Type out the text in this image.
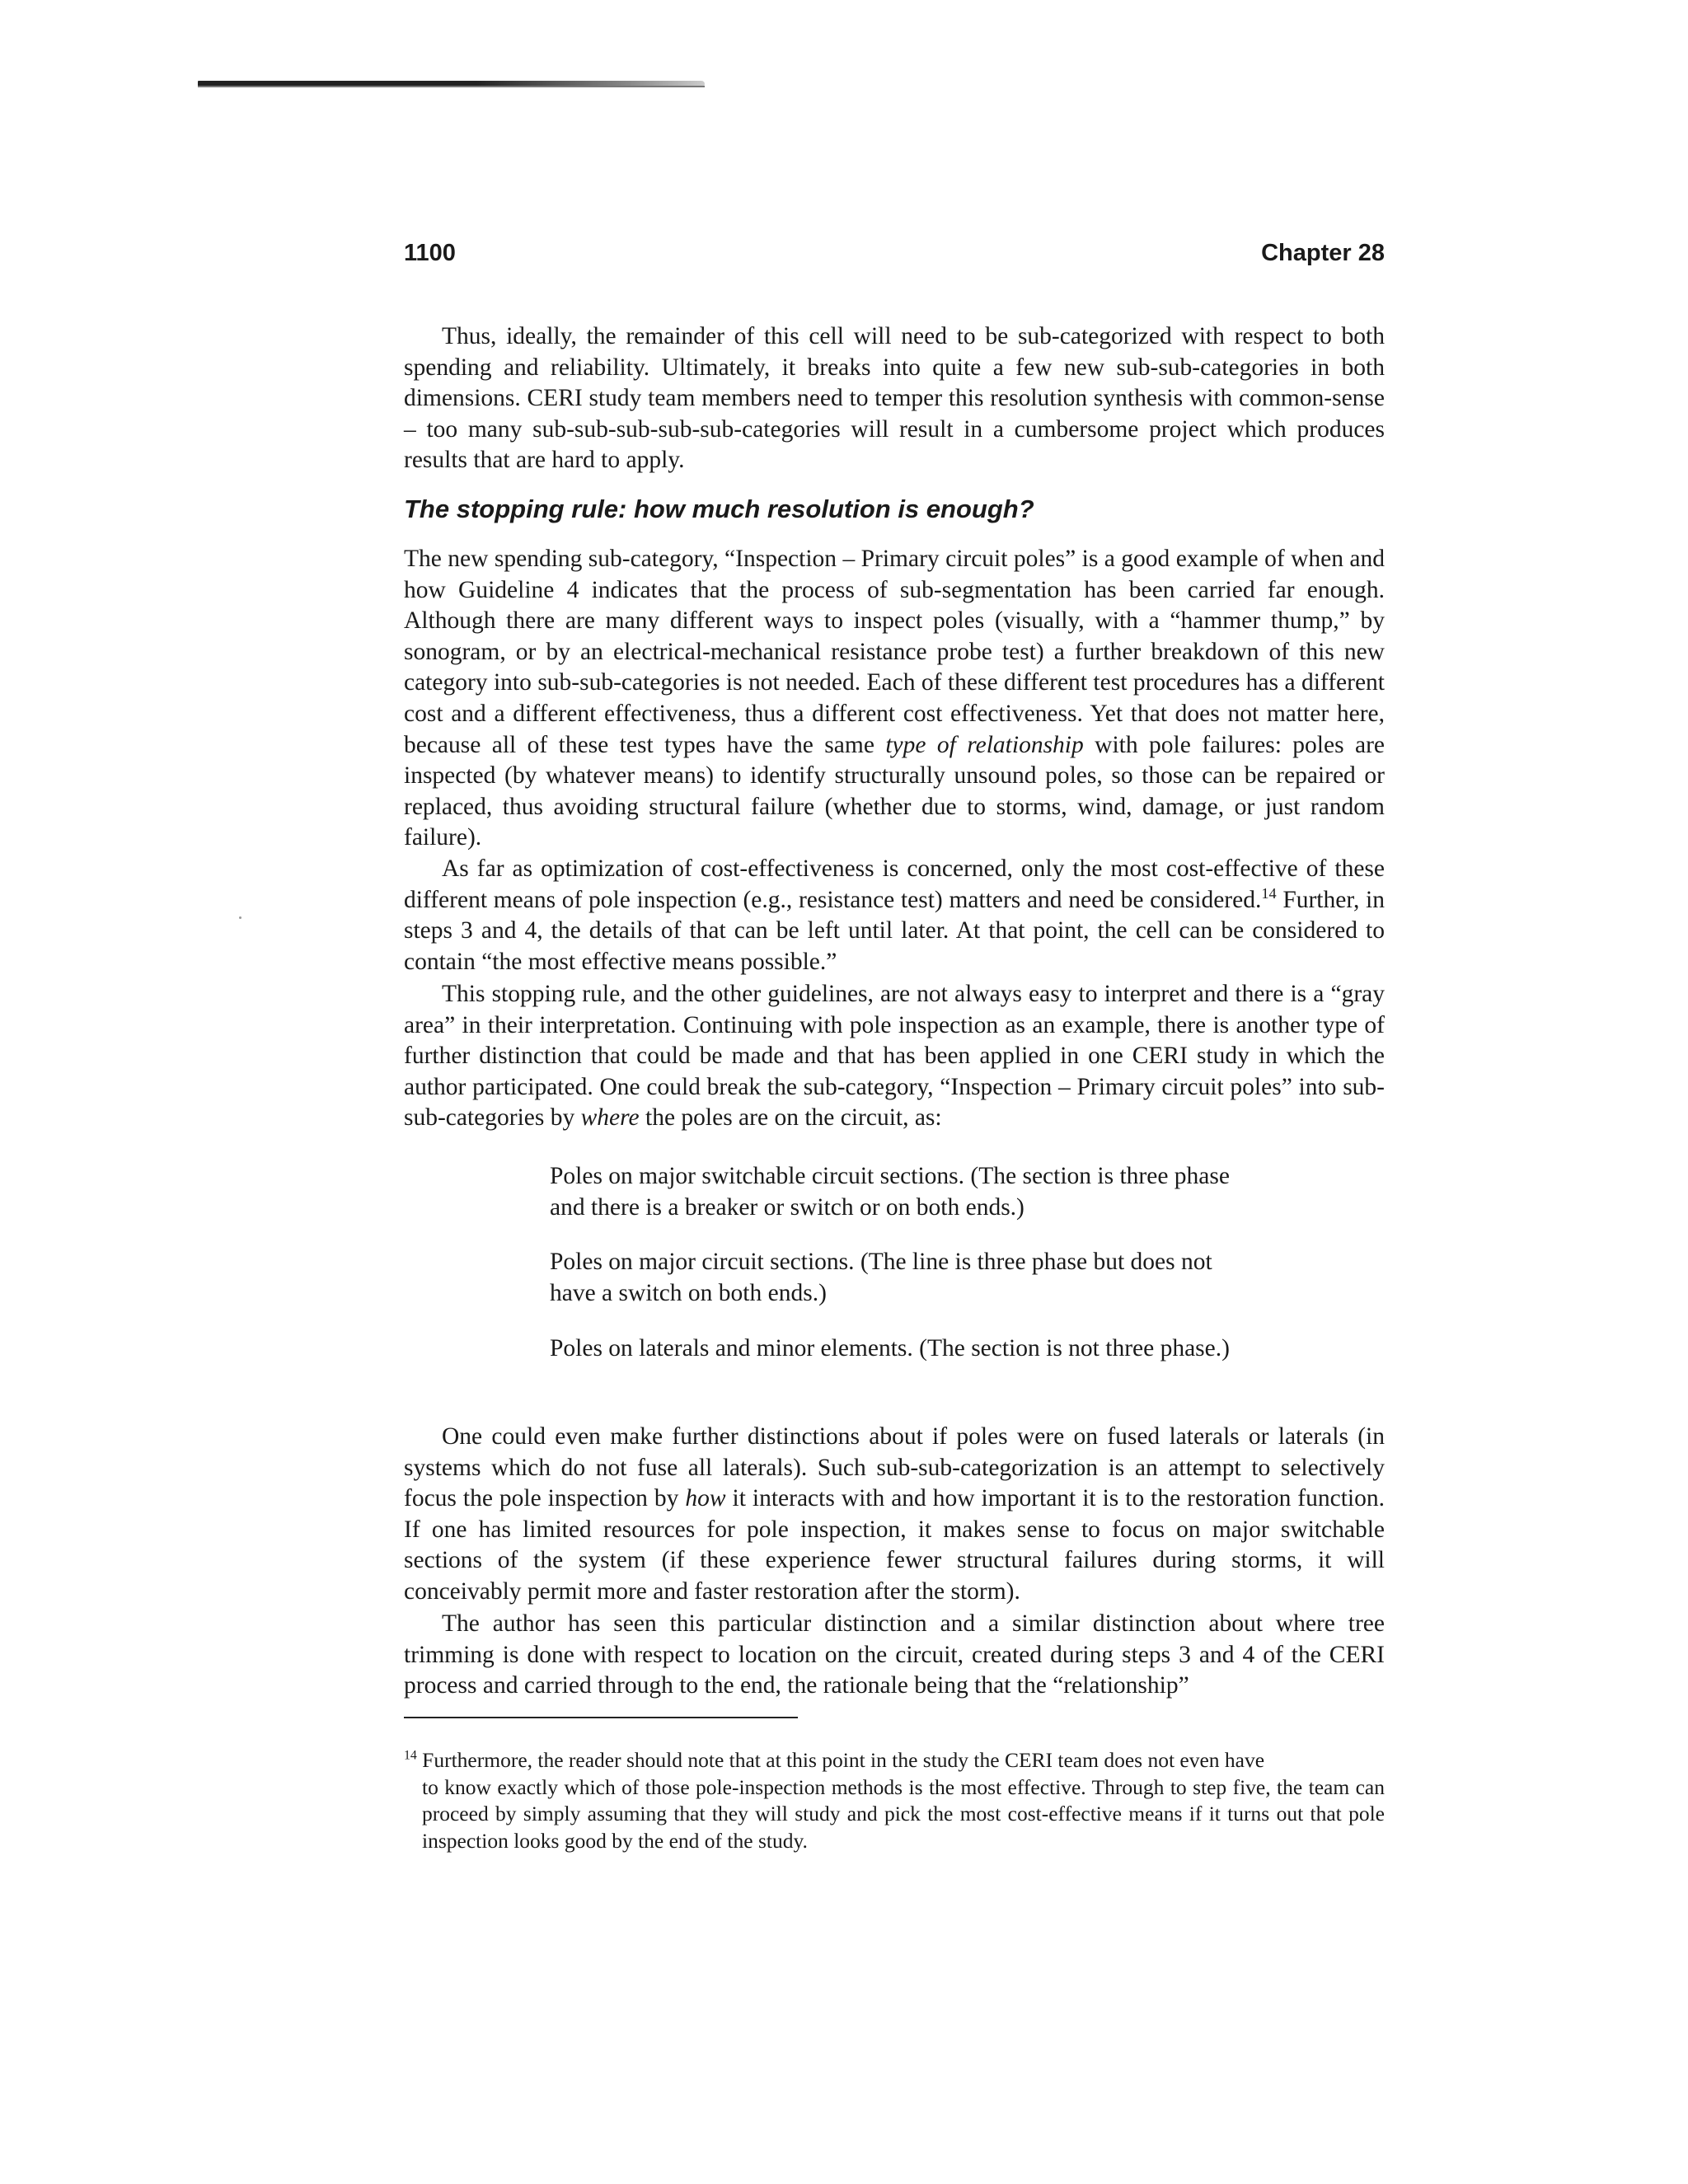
1100	Chapter 28

Thus, ideally, the remainder of this cell will need to be sub-categorized with respect to both spending and reliability. Ultimately, it breaks into quite a few new sub-sub-categories in both dimensions. CERI study team members need to temper this resolution synthesis with common-sense – too many sub-sub-sub-sub-sub-categories will result in a cumbersome project which produces results that are hard to apply.

The stopping rule: how much resolution is enough?

The new spending sub-category, “Inspection – Primary circuit poles” is a good example of when and how Guideline 4 indicates that the process of sub-segmentation has been carried far enough. Although there are many different ways to inspect poles (visually, with a “hammer thump,” by sonogram, or by an electrical-mechanical resistance probe test) a further breakdown of this new category into sub-sub-categories is not needed. Each of these different test procedures has a different cost and a different effectiveness, thus a different cost effectiveness. Yet that does not matter here, because all of these test types have the same type of relationship with pole failures: poles are inspected (by whatever means) to identify structurally unsound poles, so those can be repaired or replaced, thus avoiding structural failure (whether due to storms, wind, damage, or just random failure).

As far as optimization of cost-effectiveness is concerned, only the most cost-effective of these different means of pole inspection (e.g., resistance test) matters and need be considered.$^{14}$ Further, in steps 3 and 4, the details of that can be left until later. At that point, the cell can be considered to contain “the most effective means possible.”

This stopping rule, and the other guidelines, are not always easy to interpret and there is a “gray area” in their interpretation. Continuing with pole inspection as an example, there is another type of further distinction that could be made and that has been applied in one CERI study in which the author participated. One could break the sub-category, “Inspection – Primary circuit poles” into sub-sub-categories by where the poles are on the circuit, as:

Poles on major switchable circuit sections. (The section is three phase and there is a breaker or switch or on both ends.)

Poles on major circuit sections. (The line is three phase but does not have a switch on both ends.)

Poles on laterals and minor elements. (The section is not three phase.)

One could even make further distinctions about if poles were on fused laterals or laterals (in systems which do not fuse all laterals). Such sub-sub-categorization is an attempt to selectively focus the pole inspection by how it interacts with and how important it is to the restoration function. If one has limited resources for pole inspection, it makes sense to focus on major switchable sections of the system (if these experience fewer structural failures during storms, it will conceivably permit more and faster restoration after the storm).

The author has seen this particular distinction and a similar distinction about where tree trimming is done with respect to location on the circuit, created during steps 3 and 4 of the CERI process and carried through to the end, the rationale being that the “relationship”

$^{14}$ Furthermore, the reader should note that at this point in the study the CERI team does not even have
to know exactly which of those pole-inspection methods is the most effective. Through to step five, the team can proceed by simply assuming that they will study and pick the most cost-effective means if it turns out that pole inspection looks good by the end of the study.
